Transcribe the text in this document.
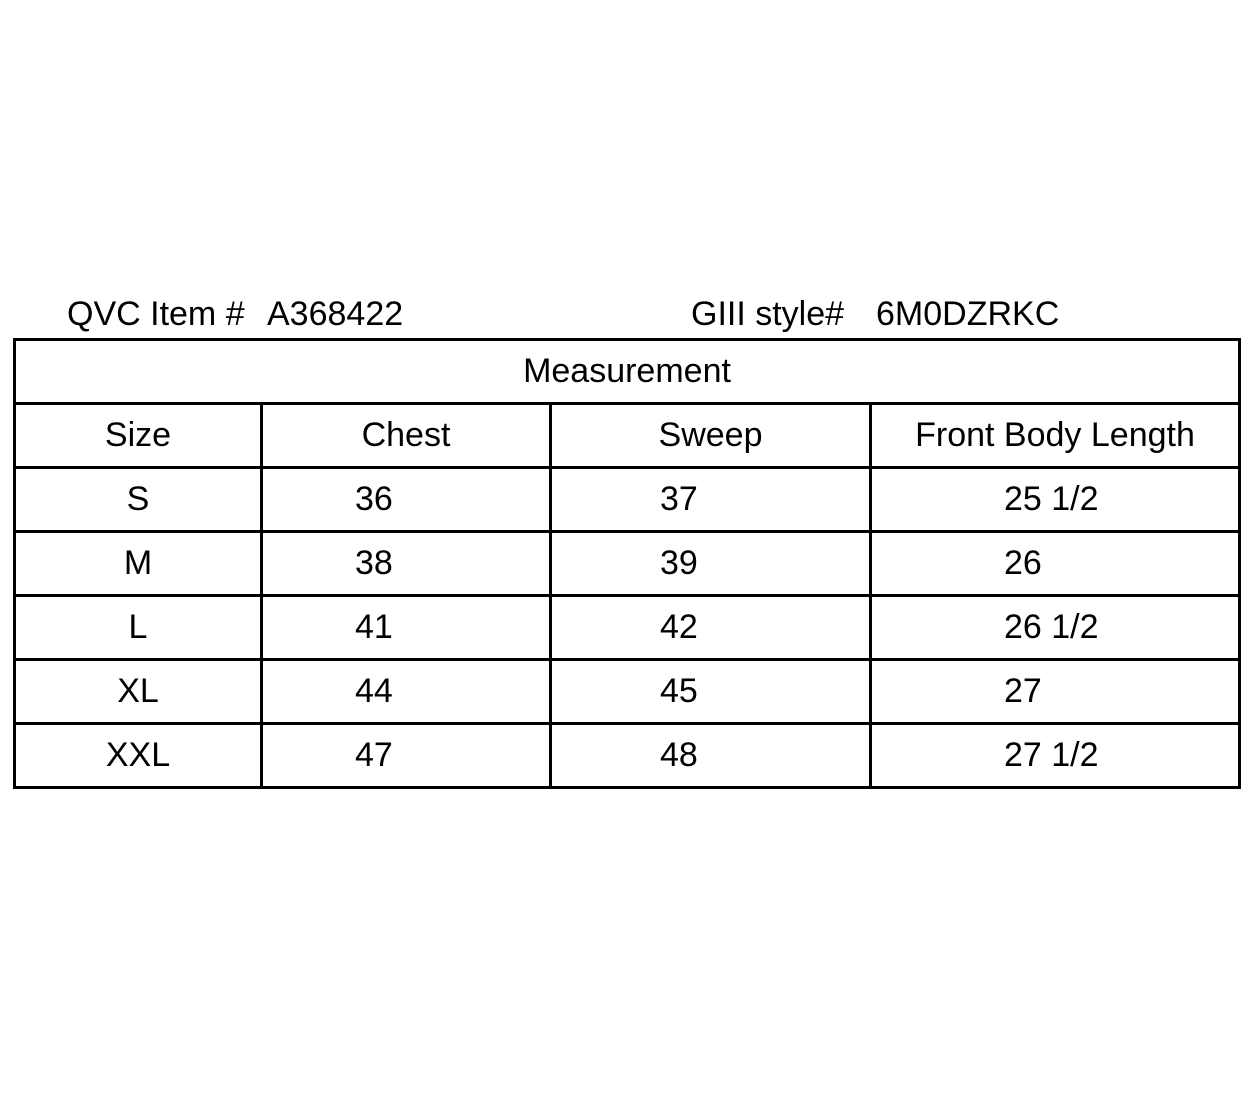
QVC Item # A368422	GIII style# 6M0DZRKC
Measurement			
Size	Chest	Sweep	Front Body Length
S	36	37	25 1/2
M	38	39	26
L	41	42	26 1/2
XL	44	45	27
XXL	47	48	27 1/2
